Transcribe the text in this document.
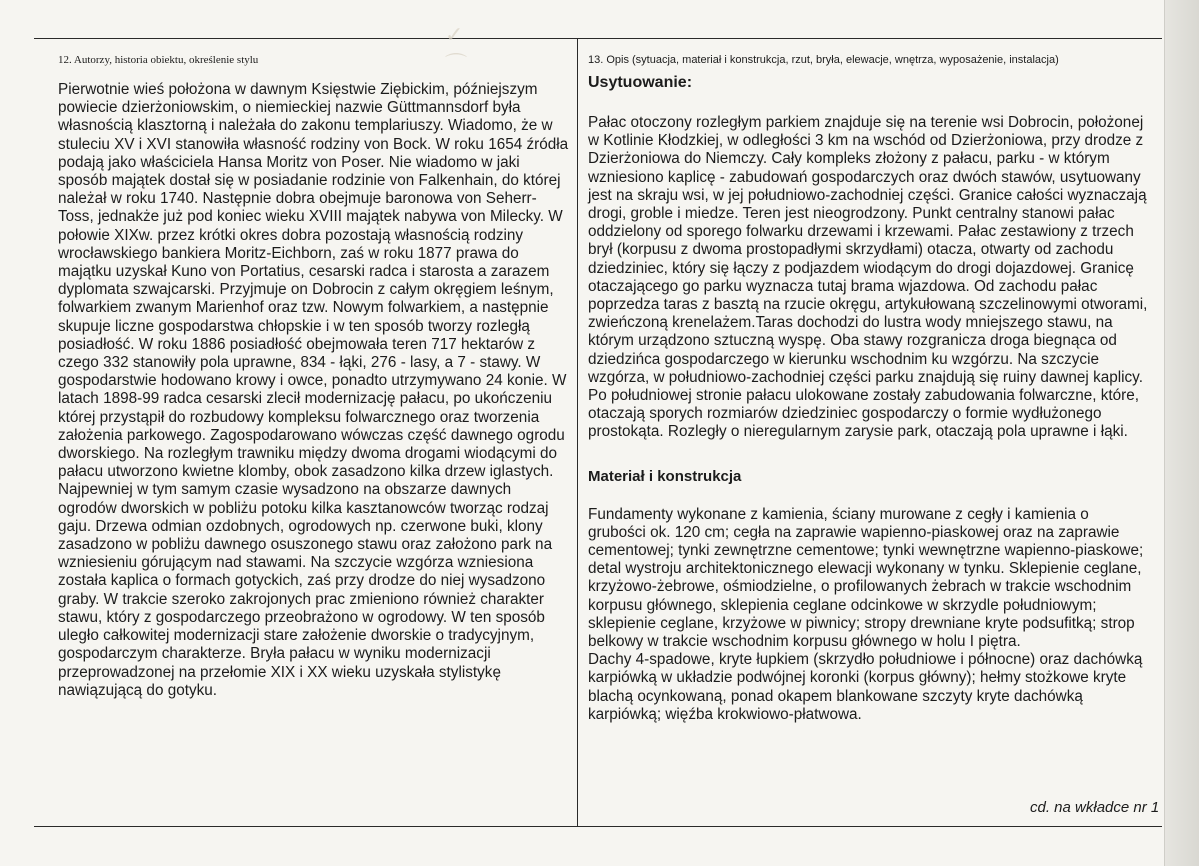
✓ ⌒

12. Autorzy, historia obiektu, określenie stylu

Pierwotnie wieś położona w dawnym Księstwie Ziębickim, późniejszym powiecie dzierżoniowskim, o niemieckiej nazwie Güttmannsdorf była własnością klasztorną i należała do zakonu templariuszy. Wiadomo, że w stuleciu XV i XVI stanowiła własność rodziny von Bock. W roku 1654 źródła podają jako właściciela Hansa Moritz von Poser. Nie wiadomo w jaki sposób majątek dostał się w posiadanie rodzinie von Falkenhain, do której należał w roku 1740. Następnie dobra obejmuje baronowa von Seherr-Toss, jednakże już pod koniec wieku XVIII majątek nabywa von Milecky. W połowie XIXw. przez krótki okres dobra pozostają własnością rodziny wrocławskiego bankiera Moritz-Eichborn, zaś w roku 1877 prawa do majątku uzyskał Kuno von Portatius, cesarski radca i starosta a zarazem dyplomata szwajcarski. Przyjmuje on Dobrocin z całym okręgiem leśnym, folwarkiem zwanym Marienhof oraz tzw. Nowym folwarkiem, a następnie skupuje liczne gospodarstwa chłopskie i w ten sposób tworzy rozległą posiadłość. W roku 1886 posiadłość obejmowała teren 717 hektarów z czego 332 stanowiły pola uprawne, 834 - łąki, 276 - lasy, a 7 - stawy. W gospodarstwie hodowano krowy i owce, ponadto utrzymywano 24 konie. W latach 1898-99 radca cesarski zlecił modernizację pałacu, po ukończeniu której przystąpił do rozbudowy kompleksu folwarcznego oraz tworzenia założenia parkowego. Zagospodarowano wówczas część dawnego ogrodu dworskiego. Na rozległym trawniku między dwoma drogami wiodącymi do pałacu utworzono kwietne klomby, obok zasadzono kilka drzew iglastych. Najpewniej w tym samym czasie wysadzono na obszarze dawnych ogrodów dworskich w pobliżu potoku kilka kasztanowców tworząc rodzaj gaju. Drzewa odmian ozdobnych, ogrodowych np. czerwone buki, klony zasadzono w pobliżu dawnego osuszonego stawu oraz założono park na wzniesieniu górującym nad stawami. Na szczycie wzgórza wzniesiona została kaplica o formach gotyckich, zaś przy drodze do niej wysadzono graby. W trakcie szeroko zakrojonych prac zmieniono również charakter stawu, który z gospodarczego przeobrażono w ogrodowy. W ten sposób uległo całkowitej modernizacji stare założenie dworskie o tradycyjnym, gospodarczym charakterze. Bryła pałacu w wyniku modernizacji przeprowadzonej na przełomie XIX i XX wieku uzyskała stylistykę nawiązującą do gotyku.

13. Opis (sytuacja, materiał i konstrukcja, rzut, bryła, elewacje, wnętrza, wyposażenie, instalacja)

Usytuowanie:

Pałac otoczony rozległym parkiem znajduje się na terenie wsi Dobrocin, położonej w Kotlinie Kłodzkiej, w odległości 3 km na wschód od Dzierżoniowa, przy drodze z Dzierżoniowa do Niemczy. Cały kompleks złożony z pałacu, parku - w którym wzniesiono kaplicę - zabudowań gospodarczych oraz dwóch stawów, usytuowany jest na skraju wsi, w jej południowo-zachodniej części. Granice całości wyznaczają drogi, groble i miedze. Teren jest nieogrodzony. Punkt centralny stanowi pałac oddzielony od sporego folwarku drzewami i krzewami. Pałac zestawiony z trzech brył (korpusu z dwoma prostopadłymi skrzydłami) otacza, otwarty od zachodu dziedziniec, który się łączy z podjazdem wiodącym do drogi dojazdowej. Granicę otaczającego go parku wyznacza tutaj brama wjazdowa. Od zachodu pałac poprzedza taras z basztą na rzucie okręgu, artykułowaną szczelinowymi otworami, zwieńczoną krenelażem.Taras dochodzi do lustra wody mniejszego stawu, na którym urządzono sztuczną wyspę. Oba stawy rozgranicza droga biegnąca od dziedzińca gospodarczego w kierunku wschodnim ku wzgórzu. Na szczycie wzgórza, w południowo-zachodniej części parku znajdują się ruiny dawnej kaplicy. Po południowej stronie pałacu ulokowane zostały zabudowania folwarczne, które, otaczają sporych rozmiarów dziedziniec gospodarczy o formie wydłużonego prostokąta. Rozległy o nieregularnym zarysie park, otaczają pola uprawne i łąki.

Materiał i konstrukcja

Fundamenty wykonane z kamienia, ściany murowane z cegły i kamienia o grubości ok. 120 cm; cegła na zaprawie wapienno-piaskowej oraz na zaprawie cementowej; tynki zewnętrzne cementowe; tynki wewnętrzne wapienno-piaskowe; detal wystroju architektonicznego elewacji wykonany w tynku. Sklepienie ceglane, krzyżowo-żebrowe, ośmiodzielne, o profilowanych żebrach w trakcie wschodnim korpusu głównego, sklepienia ceglane odcinkowe w skrzydle południowym; sklepienie ceglane, krzyżowe w piwnicy; stropy drewniane kryte podsufitką; strop belkowy w trakcie wschodnim korpusu głównego w holu I piętra.

Dachy 4-spadowe, kryte łupkiem (skrzydło południowe i północne) oraz dachówką karpiówką w układzie podwójnej koronki (korpus główny); hełmy stożkowe kryte blachą ocynkowaną, ponad okapem blankowane szczyty kryte dachówką karpiówką; więźba krokwiowo-płatwowa.

cd. na wkładce nr 1
